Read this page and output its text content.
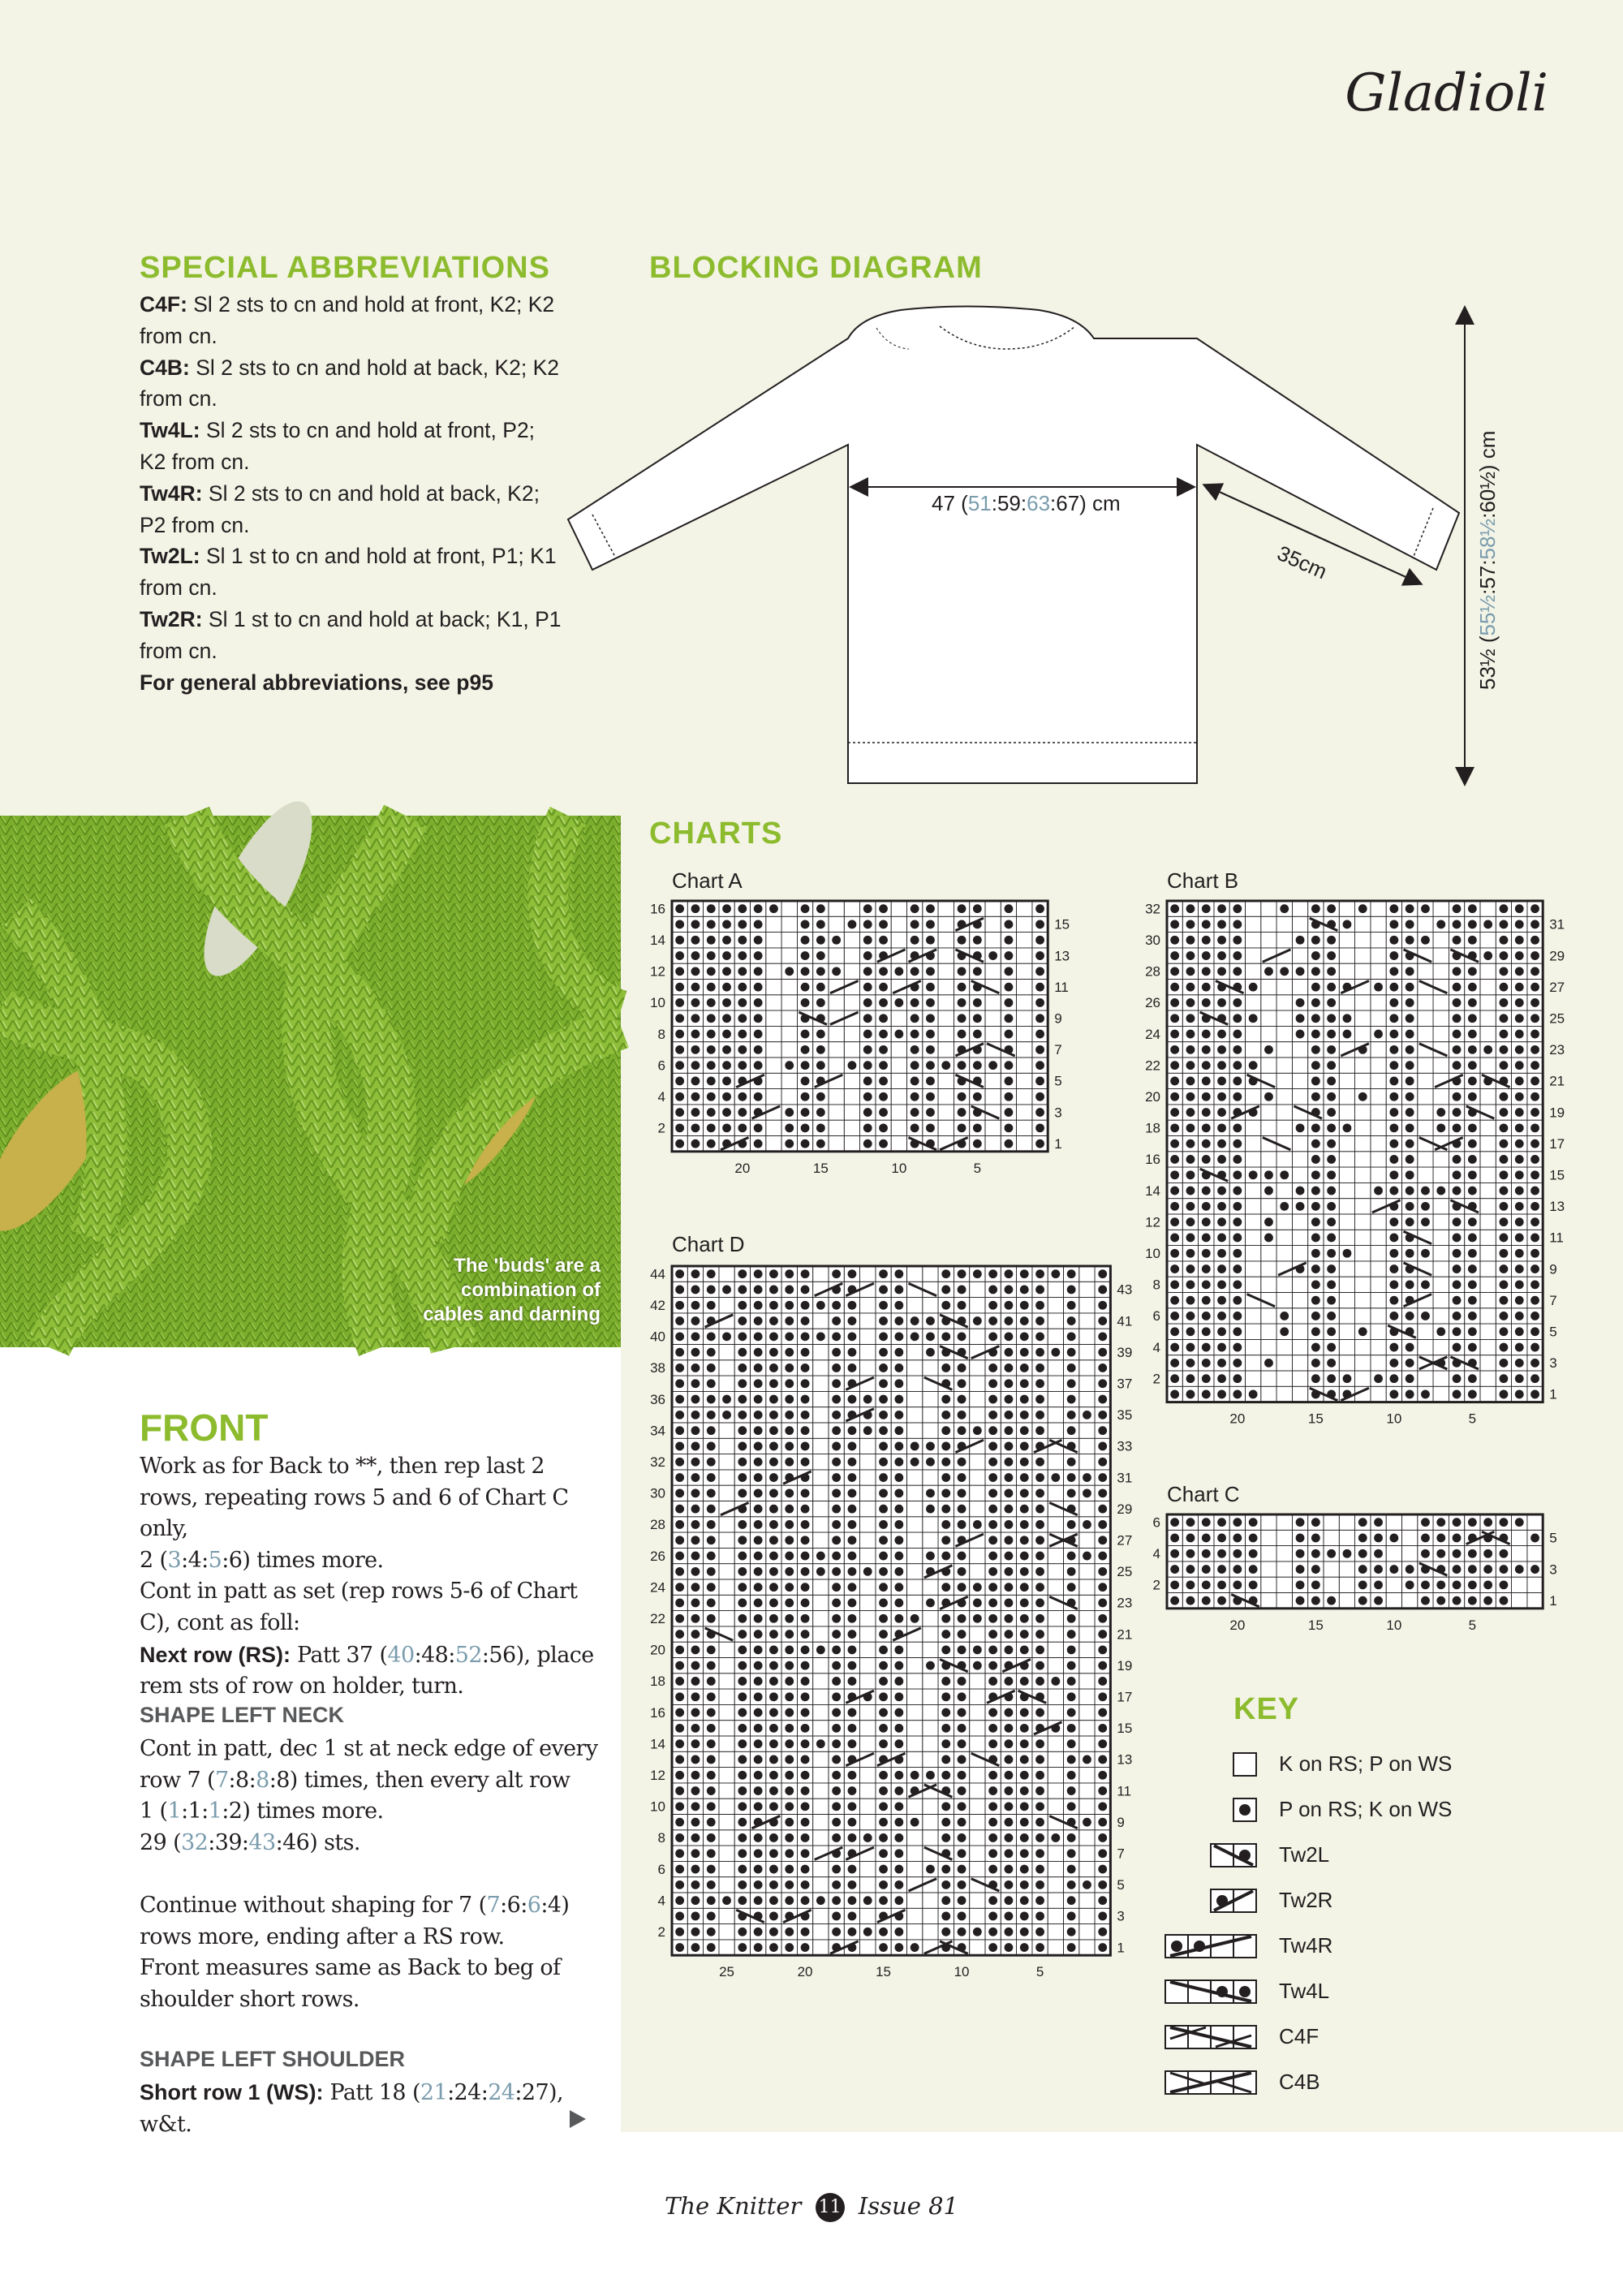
Gladioli
SPECIAL ABBREVIATIONS
C4F: Sl 2 sts to cn and hold at front, K2; K2 from cn.
C4B: Sl 2 sts to cn and hold at back, K2; K2 from cn.
Tw4L: Sl 2 sts to cn and hold at front, P2; K2 from cn.
Tw4R: Sl 2 sts to cn and hold at back, K2; P2 from cn.
Tw2L: Sl 1 st to cn and hold at front, P1; K1 from cn.
Tw2R: Sl 1 st to cn and hold at back; K1, P1 from cn.
For general abbreviations, see p95
BLOCKING DIAGRAM
47 (51:59:63:67) cm
35cm
53½ (55½:57:58½:60½) cm
The 'buds' are a combination of cables and darning
FRONT
Work as for Back to **, then rep last 2 rows, repeating rows 5 and 6 of Chart C only,
2 (3:4:5:6) times more.
Cont in patt as set (rep rows 5-6 of Chart C), cont as foll:
Next row (RS): Patt 37 (40:48:52:56), place rem sts of row on holder, turn.
SHAPE LEFT NECK
Cont in patt, dec 1 st at neck edge of every row 7 (7:8:8:8) times, then every alt row
1 (1:1:1:2) times more.
29 (32:39:43:46) sts.
Continue without shaping for 7 (7:6:6:4) rows more, ending after a RS row.
Front measures same as Back to beg of shoulder short rows.
SHAPE LEFT SHOULDER
Short row 1 (WS): Patt 18 (21:24:24:27), w&t.
CHARTS
Chart A	Chart B
Chart D
Chart C
16
14
12
10
8
6
4
2
15
13
11
9
7
5
3
1
20	15	10	5
32
30
28
26
24
22
20
18
16
14
12
10
8
6
4
2
31
29
27
25
23
21
19
17
15
13
11
9
7
5
3
1
20	15	10	5
6
4
2
5
3
1
20	15	10	5
44
42
40
38
36
34
32
30
28
26
24
22
20
18
16
14
12
10
8
6
4
2
43
41
39
37
35
33
31
29
27
25
23
21
19
17
15
13
11
9
7
5
3
1
25	20	15	10	5
KEY
The Knitter 11 Issue 81
K on RS; P on WS
P on RS; K on WS
Tw2L
Tw2R
Tw4R
Tw4L
C4F
C4B
